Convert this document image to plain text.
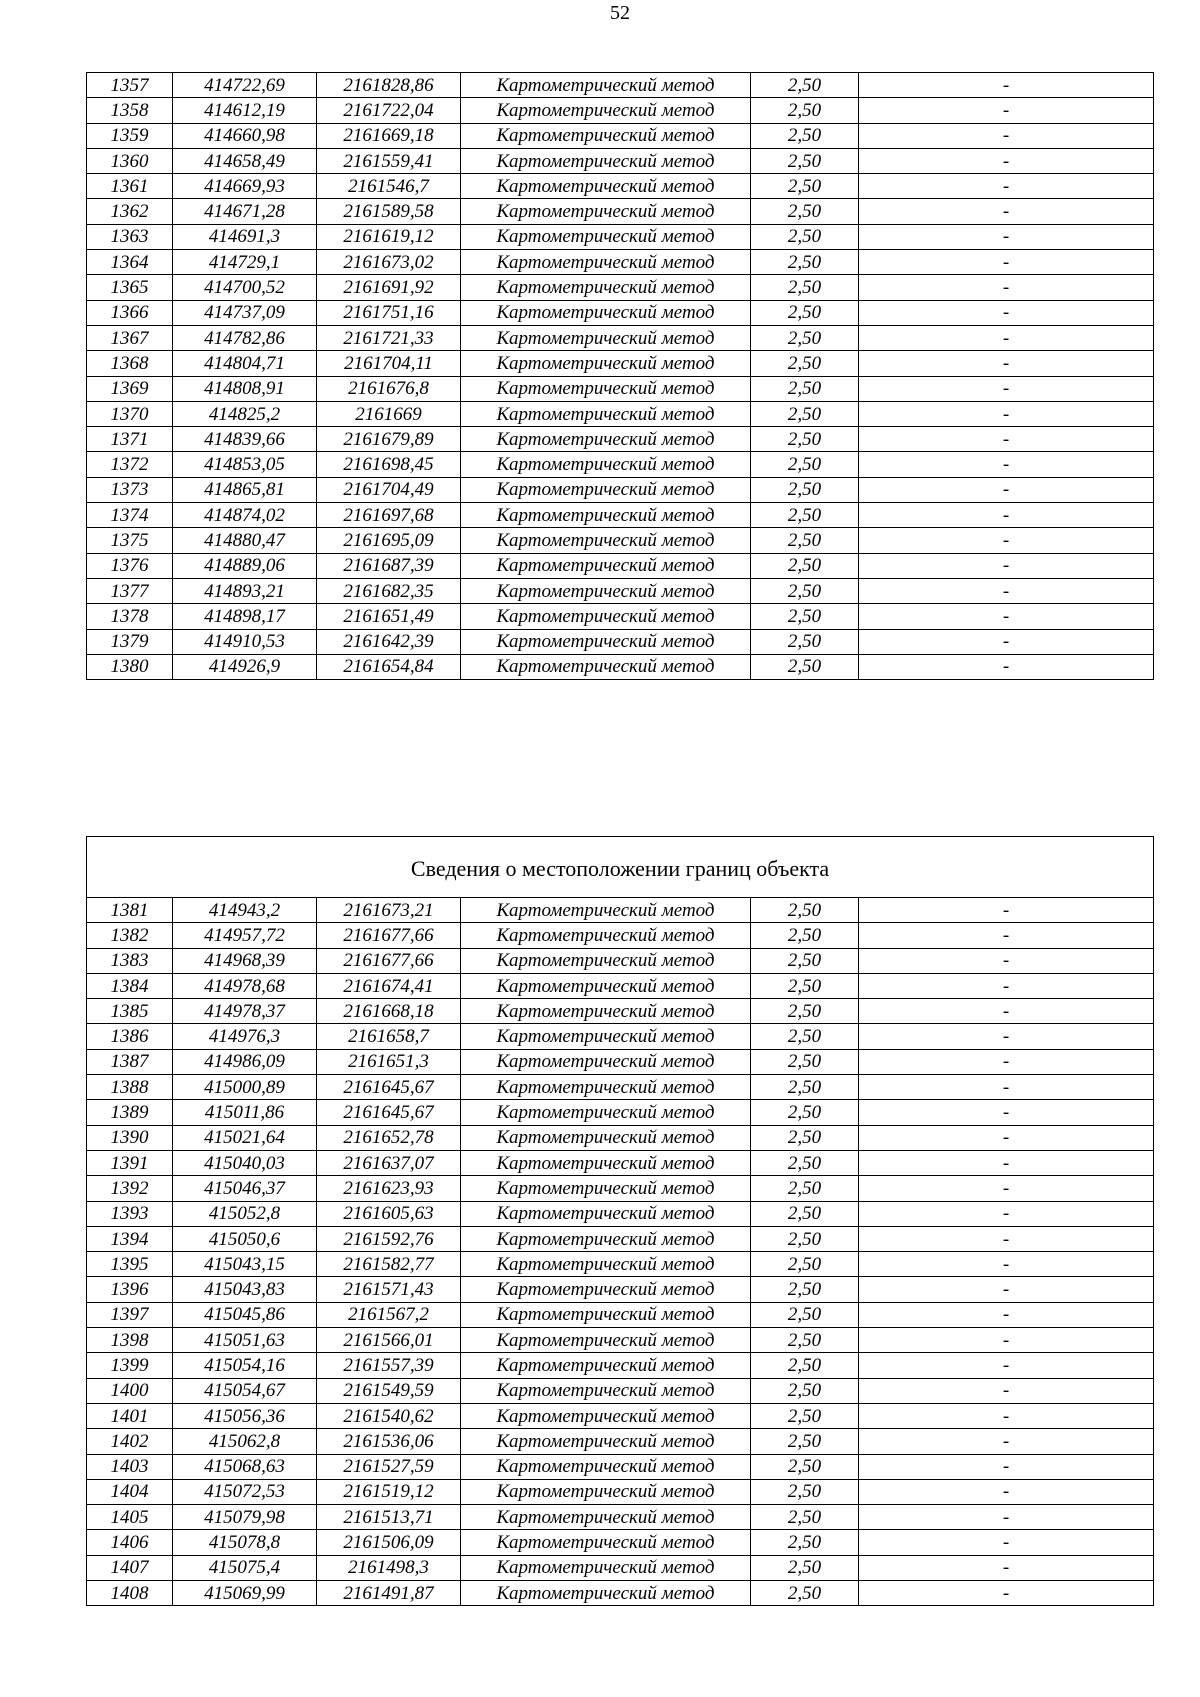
52
1357	414722,69	2161828,86	Картометрический метод	2,50	-
1358	414612,19	2161722,04	Картометрический метод	2,50	-
1359	414660,98	2161669,18	Картометрический метод	2,50	-
1360	414658,49	2161559,41	Картометрический метод	2,50	-
1361	414669,93	2161546,7	Картометрический метод	2,50	-
1362	414671,28	2161589,58	Картометрический метод	2,50	-
1363	414691,3	2161619,12	Картометрический метод	2,50	-
1364	414729,1	2161673,02	Картометрический метод	2,50	-
1365	414700,52	2161691,92	Картометрический метод	2,50	-
1366	414737,09	2161751,16	Картометрический метод	2,50	-
1367	414782,86	2161721,33	Картометрический метод	2,50	-
1368	414804,71	2161704,11	Картометрический метод	2,50	-
1369	414808,91	2161676,8	Картометрический метод	2,50	-
1370	414825,2	2161669	Картометрический метод	2,50	-
1371	414839,66	2161679,89	Картометрический метод	2,50	-
1372	414853,05	2161698,45	Картометрический метод	2,50	-
1373	414865,81	2161704,49	Картометрический метод	2,50	-
1374	414874,02	2161697,68	Картометрический метод	2,50	-
1375	414880,47	2161695,09	Картометрический метод	2,50	-
1376	414889,06	2161687,39	Картометрический метод	2,50	-
1377	414893,21	2161682,35	Картометрический метод	2,50	-
1378	414898,17	2161651,49	Картометрический метод	2,50	-
1379	414910,53	2161642,39	Картометрический метод	2,50	-
1380	414926,9	2161654,84	Картометрический метод	2,50	-
Сведения о местоположении границ объекта					
1381	414943,2	2161673,21	Картометрический метод	2,50	-
1382	414957,72	2161677,66	Картометрический метод	2,50	-
1383	414968,39	2161677,66	Картометрический метод	2,50	-
1384	414978,68	2161674,41	Картометрический метод	2,50	-
1385	414978,37	2161668,18	Картометрический метод	2,50	-
1386	414976,3	2161658,7	Картометрический метод	2,50	-
1387	414986,09	2161651,3	Картометрический метод	2,50	-
1388	415000,89	2161645,67	Картометрический метод	2,50	-
1389	415011,86	2161645,67	Картометрический метод	2,50	-
1390	415021,64	2161652,78	Картометрический метод	2,50	-
1391	415040,03	2161637,07	Картометрический метод	2,50	-
1392	415046,37	2161623,93	Картометрический метод	2,50	-
1393	415052,8	2161605,63	Картометрический метод	2,50	-
1394	415050,6	2161592,76	Картометрический метод	2,50	-
1395	415043,15	2161582,77	Картометрический метод	2,50	-
1396	415043,83	2161571,43	Картометрический метод	2,50	-
1397	415045,86	2161567,2	Картометрический метод	2,50	-
1398	415051,63	2161566,01	Картометрический метод	2,50	-
1399	415054,16	2161557,39	Картометрический метод	2,50	-
1400	415054,67	2161549,59	Картометрический метод	2,50	-
1401	415056,36	2161540,62	Картометрический метод	2,50	-
1402	415062,8	2161536,06	Картометрический метод	2,50	-
1403	415068,63	2161527,59	Картометрический метод	2,50	-
1404	415072,53	2161519,12	Картометрический метод	2,50	-
1405	415079,98	2161513,71	Картометрический метод	2,50	-
1406	415078,8	2161506,09	Картометрический метод	2,50	-
1407	415075,4	2161498,3	Картометрический метод	2,50	-
1408	415069,99	2161491,87	Картометрический метод	2,50	-
